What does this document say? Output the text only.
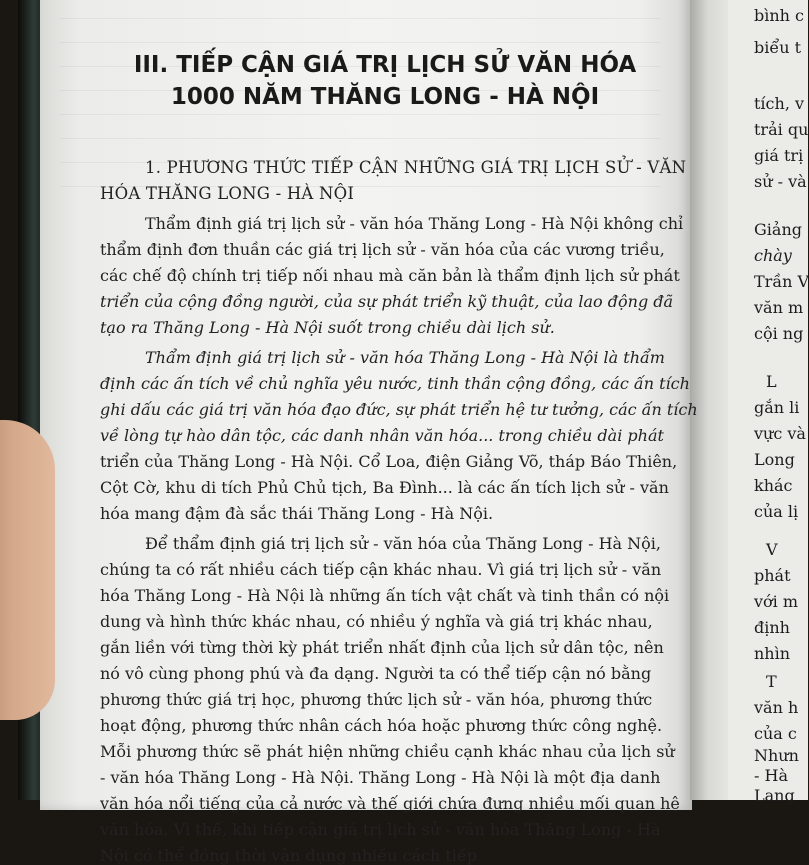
III. TIẾP CẬN GIÁ TRỊ LỊCH SỬ VĂN HÓA
1000 NĂM THĂNG LONG - HÀ NỘI
1. PHƯƠNG THỨC TIẾP CẬN NHỮNG GIÁ TRỊ LỊCH SỬ - VĂN
HÓA THĂNG LONG - HÀ NỘI
Thẩm định giá trị lịch sử - văn hóa Thăng Long - Hà Nội không chỉ
thẩm định đơn thuần các giá trị lịch sử - văn hóa của các vương triều,
các chế độ chính trị tiếp nối nhau mà căn bản là thẩm định lịch sử phát
triển của cộng đồng người, của sự phát triển kỹ thuật, của lao động đã
tạo ra Thăng Long - Hà Nội suốt trong chiều dài lịch sử.
Thẩm định giá trị lịch sử - văn hóa Thăng Long - Hà Nội là thẩm
định các ấn tích về chủ nghĩa yêu nước, tinh thần cộng đồng, các ấn tích
ghi dấu các giá trị văn hóa đạo đức, sự phát triển hệ tư tưởng, các ấn tích
về lòng tự hào dân tộc, các danh nhân văn hóa... trong chiều dài phát
triển của Thăng Long - Hà Nội. Cổ Loa, điện Giảng Võ, tháp Báo Thiên,
Cột Cờ, khu di tích Phủ Chủ tịch, Ba Đình... là các ấn tích lịch sử - văn
hóa mang đậm đà sắc thái Thăng Long - Hà Nội.
Để thẩm định giá trị lịch sử - văn hóa của Thăng Long - Hà Nội,
chúng ta có rất nhiều cách tiếp cận khác nhau. Vì giá trị lịch sử - văn
hóa Thăng Long - Hà Nội là những ấn tích vật chất và tinh thần có nội
dung và hình thức khác nhau, có nhiều ý nghĩa và giá trị khác nhau,
gắn liền với từng thời kỳ phát triển nhất định của lịch sử dân tộc, nên
nó vô cùng phong phú và đa dạng. Người ta có thể tiếp cận nó bằng
phương thức giá trị học, phương thức lịch sử - văn hóa, phương thức
hoạt động, phương thức nhân cách hóa hoặc phương thức công nghệ.
Mỗi phương thức sẽ phát hiện những chiều cạnh khác nhau của lịch sử
- văn hóa Thăng Long - Hà Nội. Thăng Long - Hà Nội là một địa danh
văn hóa nổi tiếng của cả nước và thế giới chứa đựng nhiều mối quan hệ
văn hóa. Vì thế, khi tiếp cận giá trị lịch sử - văn hóa Thăng Long - Hà
Nội có thể đồng thời vận dụng nhiều cách tiếp
bình c
biểu t
tích, v
trải qu
giá trị
sử - và
Giảng
chày
Trần V
văn m
cội ng
L
gắn li
vực và
Long
khác
của lị
V
phát
với m
định
nhìn
T
văn h
của c
Nhưn
- Hà
Lang
